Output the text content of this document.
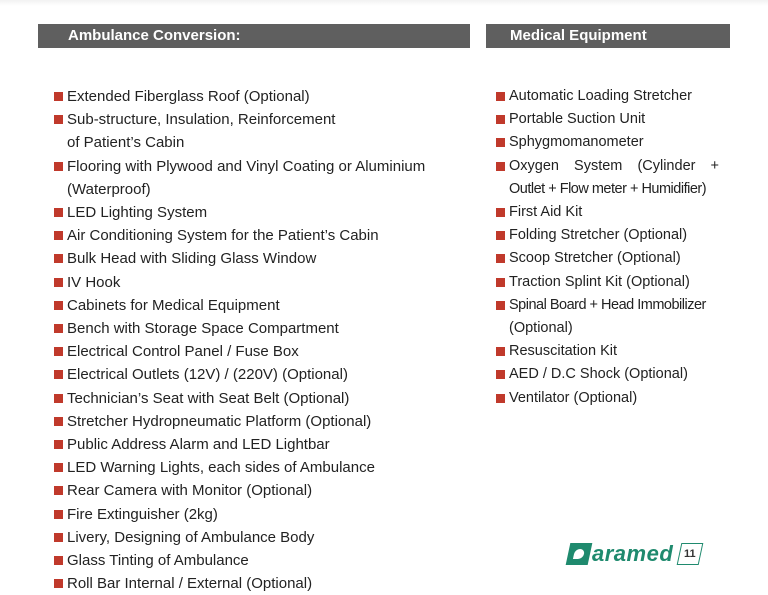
Ambulance Conversion:
Extended Fiberglass Roof (Optional)
Sub-structure, Insulation, Reinforcement
of Patient’s Cabin
Flooring with Plywood and Vinyl Coating or Aluminium
(Waterproof)
LED Lighting System
Air Conditioning System for the Patient’s Cabin
Bulk Head with Sliding Glass Window
IV Hook
Cabinets for Medical Equipment
Bench with Storage Space Compartment
Electrical Control Panel / Fuse Box
Electrical Outlets (12V) / (220V) (Optional)
Technician’s Seat with Seat Belt (Optional)
Stretcher Hydropneumatic Platform (Optional)
Public Address Alarm and LED Lightbar
LED Warning Lights, each sides of Ambulance
Rear Camera with Monitor (Optional)
Fire Extinguisher (2kg)
Livery, Designing of Ambulance Body
Glass Tinting of Ambulance
Roll Bar Internal / External (Optional)
Medical Equipment
Automatic Loading Stretcher
Portable Suction Unit
Sphygmomanometer
Oxygen System (Cylinder +
Outlet + Flow meter + Humidifier)
First Aid Kit
Folding Stretcher (Optional)
Scoop Stretcher (Optional)
Traction Splint Kit (Optional)
Spinal Board + Head Immobilizer
(Optional)
Resuscitation Kit
AED / D.C Shock (Optional)
Ventilator (Optional)
aramed 11
